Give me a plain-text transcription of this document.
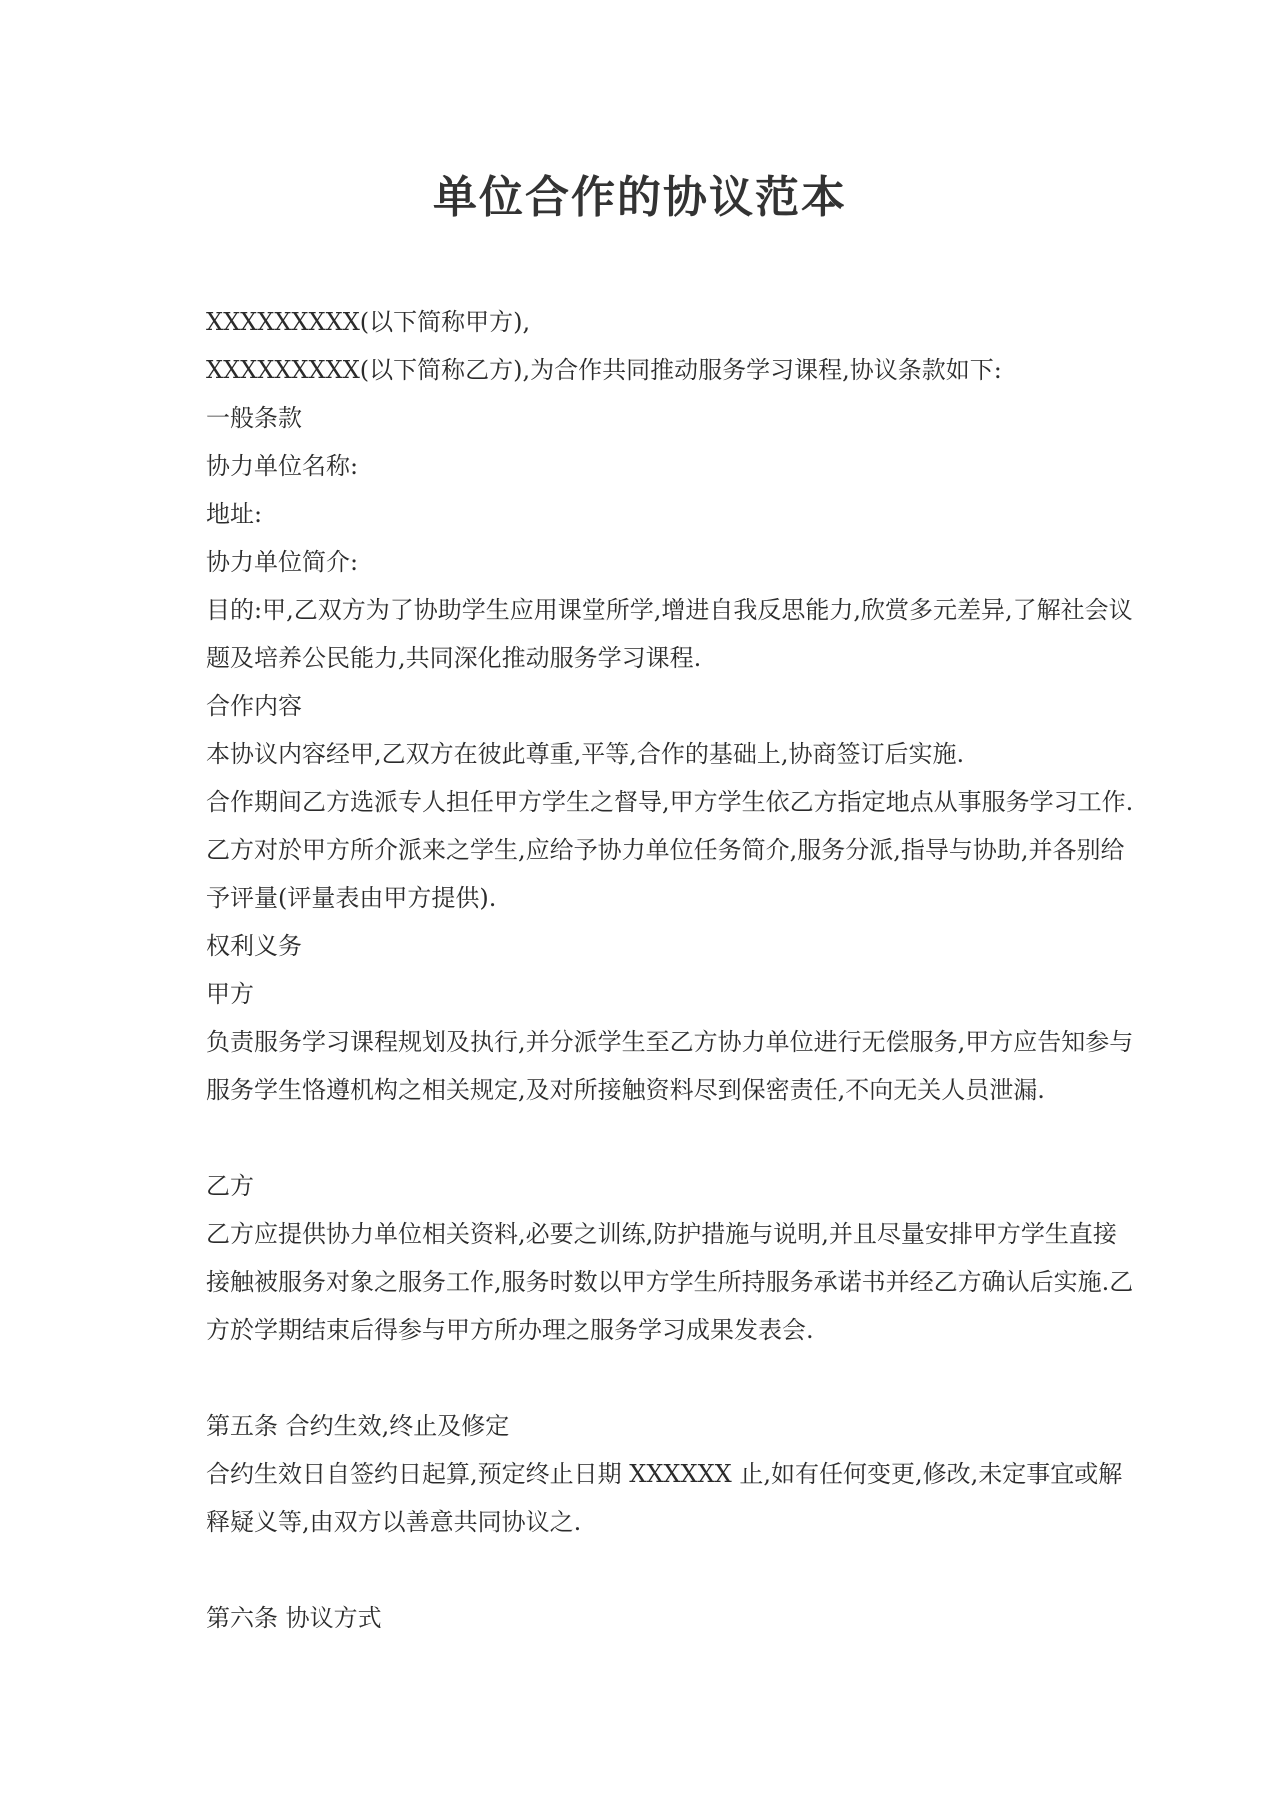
单位合作的协议范本

XXXXXXXXX(以下简称甲方),

XXXXXXXXX(以下简称乙方),为合作共同推动服务学习课程,协议条款如下:

一般条款

协力单位名称:

地址:

协力单位简介:

目的:甲,乙双方为了协助学生应用课堂所学,增进自我反思能力,欣赏多元差异,了解社会议题及培养公民能力,共同深化推动服务学习课程.

合作内容

本协议内容经甲,乙双方在彼此尊重,平等,合作的基础上,协商签订后实施.

合作期间乙方选派专人担任甲方学生之督导,甲方学生依乙方指定地点从事服务学习工作.

乙方对於甲方所介派来之学生,应给予协力单位任务简介,服务分派,指导与协助,并各别给予评量(评量表由甲方提供).

权利义务

甲方

负责服务学习课程规划及执行,并分派学生至乙方协力单位进行无偿服务,甲方应告知参与服务学生恪遵机构之相关规定,及对所接触资料尽到保密责任,不向无关人员泄漏.

乙方

乙方应提供协力单位相关资料,必要之训练,防护措施与说明,并且尽量安排甲方学生直接接触被服务对象之服务工作,服务时数以甲方学生所持服务承诺书并经乙方确认后实施.乙方於学期结束后得参与甲方所办理之服务学习成果发表会.

第五条 合约生效,终止及修定

合约生效日自签约日起算,预定终止日期 XXXXXX 止,如有任何变更,修改,未定事宜或解释疑义等,由双方以善意共同协议之.

第六条 协议方式
